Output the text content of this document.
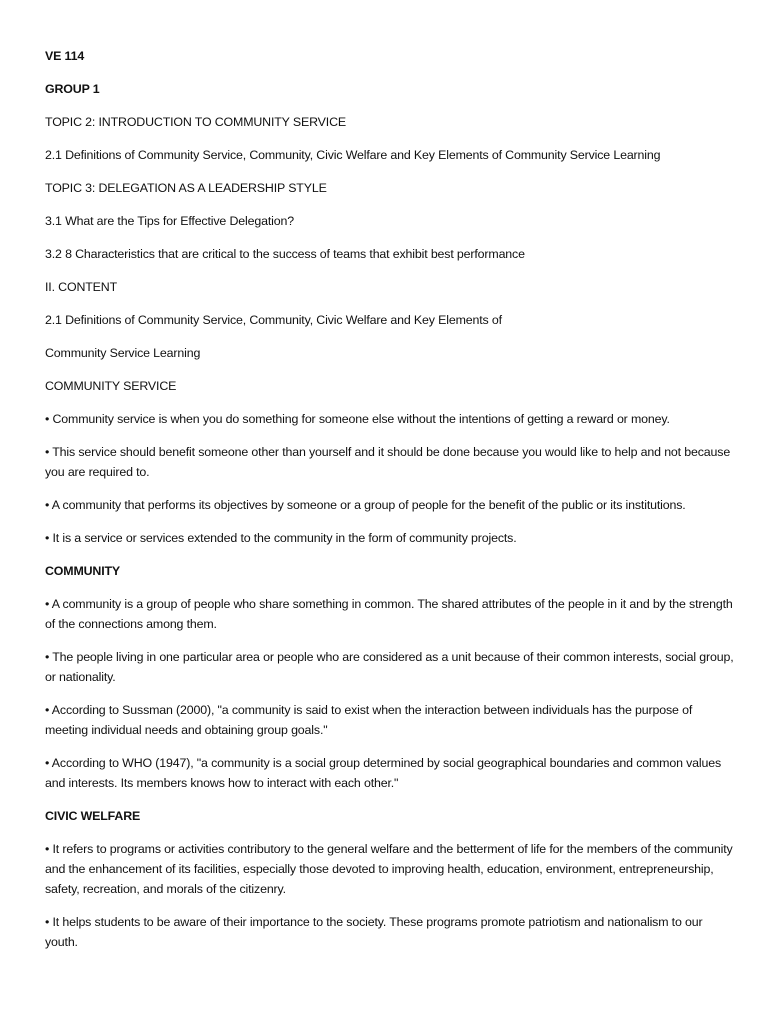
VE 114

GROUP 1

TOPIC 2: INTRODUCTION TO COMMUNITY SERVICE

2.1 Definitions of Community Service, Community, Civic Welfare and Key Elements of Community Service Learning

TOPIC 3: DELEGATION AS A LEADERSHIP STYLE

3.1 What are the Tips for Effective Delegation?

3.2 8 Characteristics that are critical to the success of teams that exhibit best performance

II. CONTENT

2.1 Definitions of Community Service, Community, Civic Welfare and Key Elements of

Community Service Learning

COMMUNITY SERVICE

• Community service is when you do something for someone else without the intentions of getting a reward or money.

• This service should benefit someone other than yourself and it should be done because you would like to help and not because you are required to.

• A community that performs its objectives by someone or a group of people for the benefit of the public or its institutions.

• It is a service or services extended to the community in the form of community projects.

COMMUNITY

• A community is a group of people who share something in common. The shared attributes of the people in it and by the strength of the connections among them.

• The people living in one particular area or people who are considered as a unit because of their common interests, social group, or nationality.

• According to Sussman (2000), "a community is said to exist when the interaction between individuals has the purpose of meeting individual needs and obtaining group goals."

• According to WHO (1947), "a community is a social group determined by social geographical boundaries and common values and interests. Its members knows how to interact with each other."

CIVIC WELFARE

• It refers to programs or activities contributory to the general welfare and the betterment of life for the members of the community and the enhancement of its facilities, especially those devoted to improving health, education, environment, entrepreneurship, safety, recreation, and morals of the citizenry.

• It helps students to be aware of their importance to the society. These programs promote patriotism and nationalism to our youth.
